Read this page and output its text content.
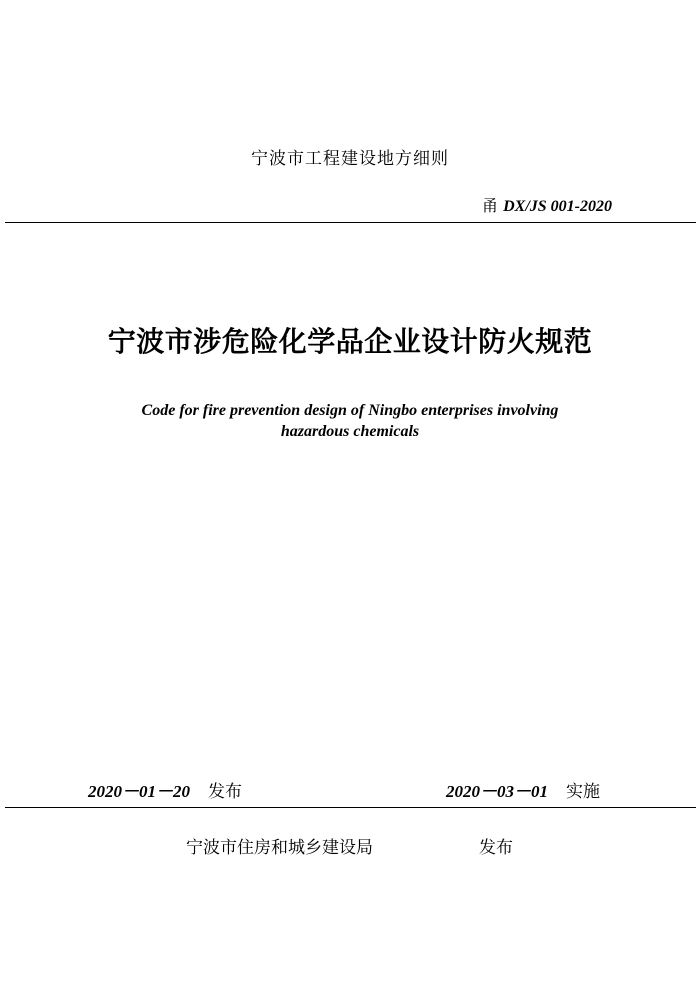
宁波市工程建设地方细则
甬 DX/JS 001-2020
宁波市涉危险化学品企业设计防火规范
Code for fire prevention design of Ningbo enterprises involving
hazardous chemicals
2020－01－20 发布	2020－03－01 实施
宁波市住房和城乡建设局	发布
